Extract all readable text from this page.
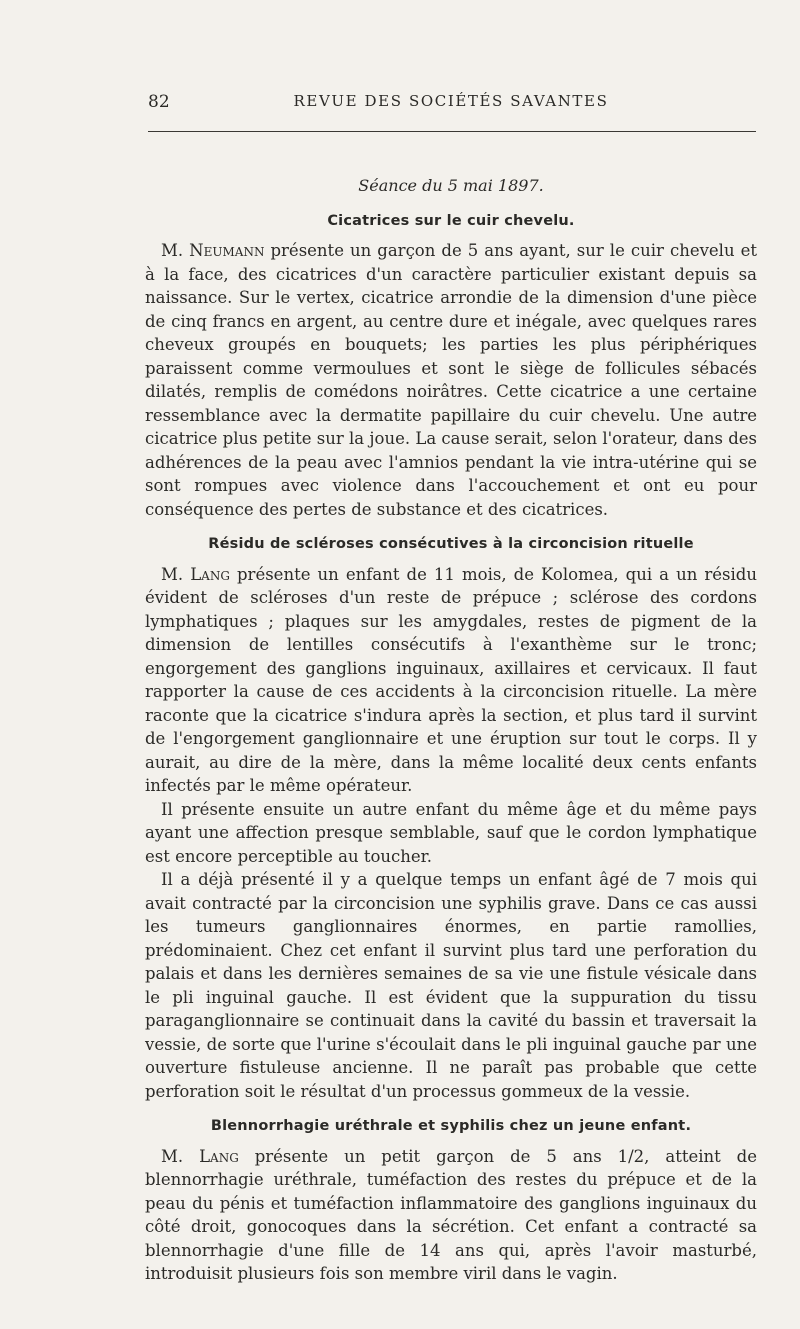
82	REVUE DES SOCIÉTÉS SAVANTES

Séance du 5 mai 1897.

Cicatrices sur le cuir chevelu.

M. Neumann présente un garçon de 5 ans ayant, sur le cuir chevelu et à la face, des cicatrices d'un caractère particulier existant depuis sa naissance. Sur le vertex, cicatrice arrondie de la dimension d'une pièce de cinq francs en argent, au centre dure et inégale, avec quelques rares cheveux groupés en bouquets; les parties les plus périphériques paraissent comme vermoulues et sont le siège de follicules sébacés dilatés, remplis de comédons noirâtres. Cette cicatrice a une certaine ressemblance avec la dermatite papillaire du cuir chevelu. Une autre cicatrice plus petite sur la joue. La cause serait, selon l'orateur, dans des adhérences de la peau avec l'amnios pendant la vie intra-utérine qui se sont rompues avec violence dans l'accouchement et ont eu pour conséquence des pertes de substance et des cicatrices.

Résidu de scléroses consécutives à la circoncision rituelle

M. Lang présente un enfant de 11 mois, de Kolomea, qui a un résidu évident de scléroses d'un reste de prépuce ; sclérose des cordons lymphatiques ; plaques sur les amygdales, restes de pigment de la dimension de lentilles consécutifs à l'exanthème sur le tronc; engorgement des ganglions inguinaux, axillaires et cervicaux. Il faut rapporter la cause de ces accidents à la circoncision rituelle. La mère raconte que la cicatrice s'indura après la section, et plus tard il survint de l'engorgement ganglionnaire et une éruption sur tout le corps. Il y aurait, au dire de la mère, dans la même localité deux cents enfants infectés par le même opérateur.

Il présente ensuite un autre enfant du même âge et du même pays ayant une affection presque semblable, sauf que le cordon lymphatique est encore perceptible au toucher.

Il a déjà présenté il y a quelque temps un enfant âgé de 7 mois qui avait contracté par la circoncision une syphilis grave. Dans ce cas aussi les tumeurs ganglionnaires énormes, en partie ramollies, prédominaient. Chez cet enfant il survint plus tard une perforation du palais et dans les dernières semaines de sa vie une fistule vésicale dans le pli inguinal gauche. Il est évident que la suppuration du tissu paraganglionnaire se continuait dans la cavité du bassin et traversait la vessie, de sorte que l'urine s'écoulait dans le pli inguinal gauche par une ouverture fistuleuse ancienne. Il ne paraît pas probable que cette perforation soit le résultat d'un processus gommeux de la vessie.

Blennorrhagie uréthrale et syphilis chez un jeune enfant.

M. Lang présente un petit garçon de 5 ans 1/2, atteint de blennorrhagie uréthrale, tuméfaction des restes du prépuce et de la peau du pénis et tuméfaction inflammatoire des ganglions inguinaux du côté droit, gonocoques dans la sécrétion. Cet enfant a contracté sa blennorrhagie d'une fille de 14 ans qui, après l'avoir masturbé, introduisit plusieurs fois son membre viril dans le vagin.
